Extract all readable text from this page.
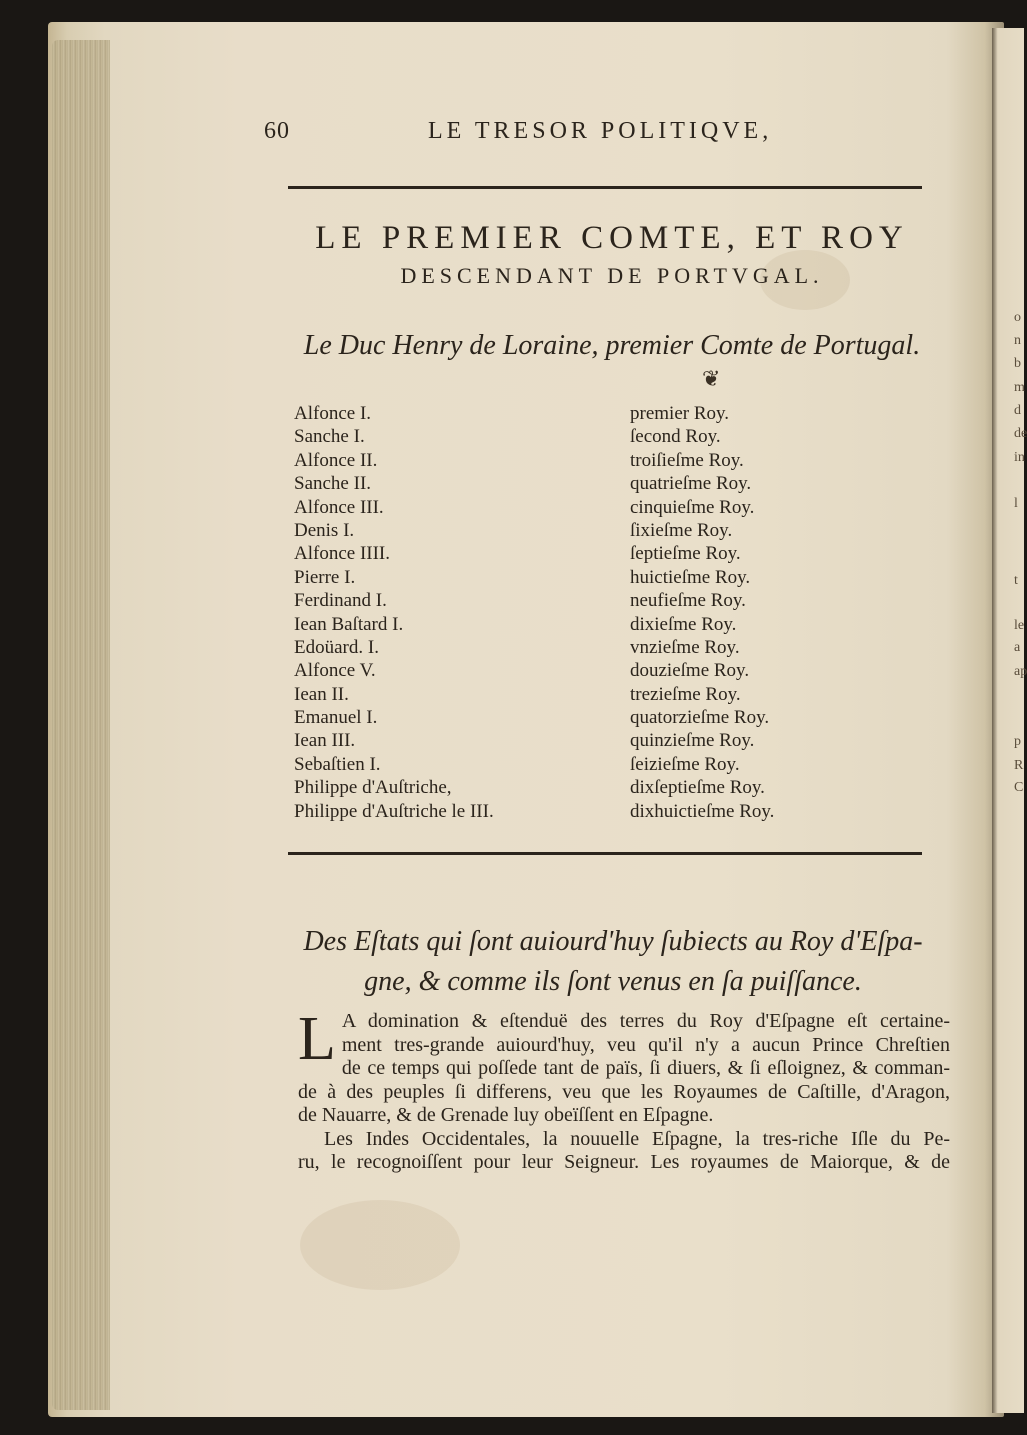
o
n
b
m
d
de
in
l
t
le
a
ap
p
R
C
60	LE TRESOR POLITIQVE,
LE PREMIER COMTE, ET ROY
DESCENDANT DE PORTVGAL.
Le Duc Henry de Loraine, premier Comte de Portugal.
❦
Alfonce I.	premier Roy.
Sanche I.	ſecond Roy.
Alfonce II.	troiſieſme Roy.
Sanche II.	quatrieſme Roy.
Alfonce III.	cinquieſme Roy.
Denis I.	ſixieſme Roy.
Alfonce IIII.	ſeptieſme Roy.
Pierre I.	huictieſme Roy.
Ferdinand I.	neufieſme Roy.
Iean Baſtard I.	dixieſme Roy.
Edoüard. I.	vnzieſme Roy.
Alfonce V.	douzieſme Roy.
Iean II.	trezieſme Roy.
Emanuel I.	quatorzieſme Roy.
Iean III.	quinzieſme Roy.
Sebaſtien I.	ſeizieſme Roy.
Philippe d'Auſtriche,	dixſeptieſme Roy.
Philippe d'Auſtriche le III.	dixhuictieſme Roy.
Des Eſtats qui ſont auiourd'huy ſubiects au Roy d'Eſpa-
gne, & comme ils ſont venus en ſa puiſſance.
L A domination & eſtenduë des terres du Roy d'Eſpagne eſt certaine-
ment tres-grande auiourd'huy, veu qu'il n'y a aucun Prince Chreſtien
de ce temps qui poſſede tant de païs, ſi diuers, & ſi eſloignez, & comman-
de à des peuples ſi differens, veu que les Royaumes de Caſtille, d'Aragon,
de Nauarre, & de Grenade luy obeïſſent en Eſpagne.
Les Indes Occidentales, la nouuelle Eſpagne, la tres-riche Iſle du Pe-
ru, le recognoiſſent pour leur Seigneur. Les royaumes de Maiorque, & de
